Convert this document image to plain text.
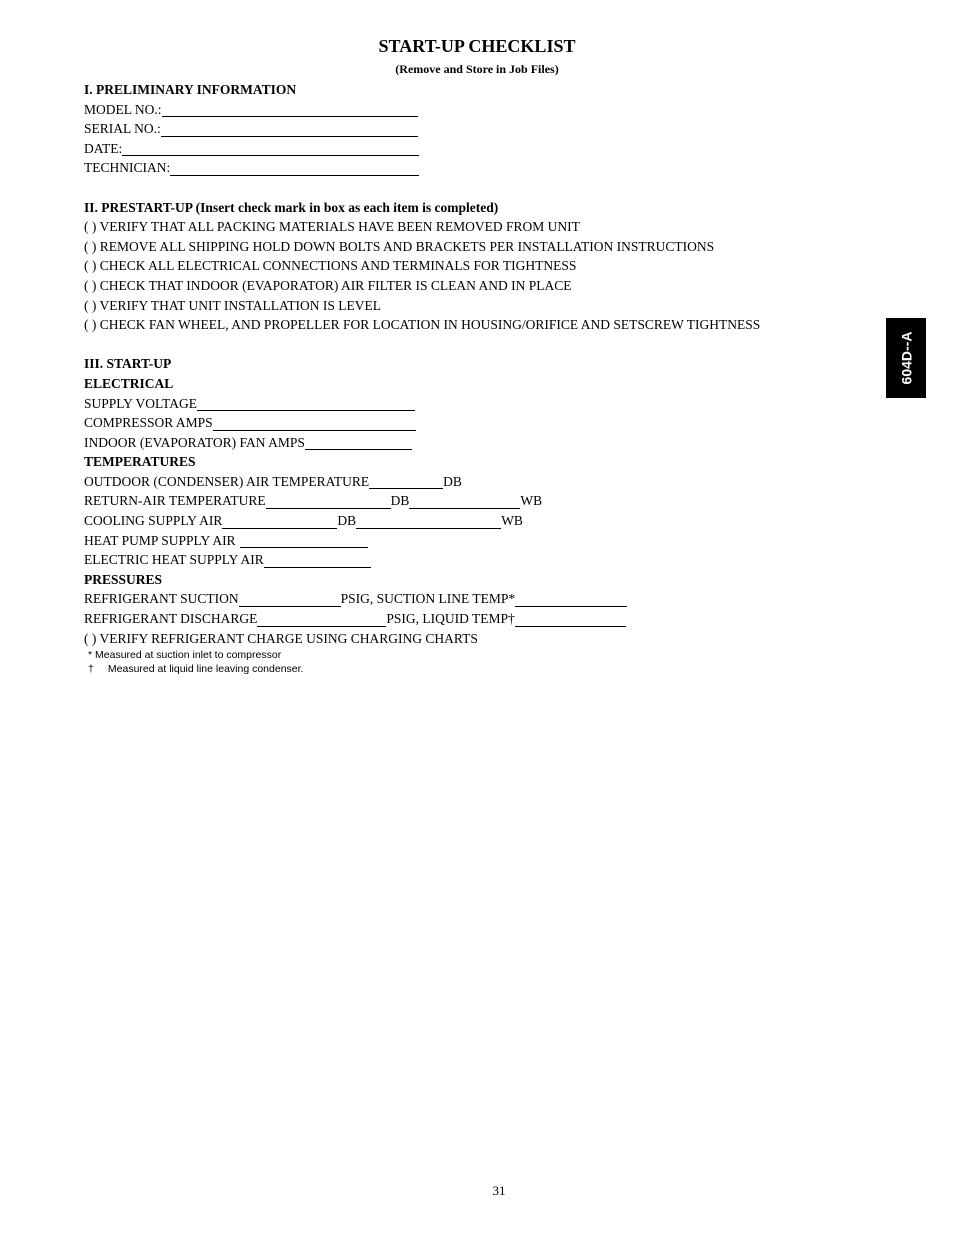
START-UP CHECKLIST
(Remove and Store in Job Files)
I. PRELIMINARY INFORMATION
MODEL NO.:
SERIAL NO.:
DATE:
TECHNICIAN:
II. PRESTART-UP (Insert check mark in box as each item is completed)
( ) VERIFY THAT ALL PACKING MATERIALS HAVE BEEN REMOVED FROM UNIT
( ) REMOVE ALL SHIPPING HOLD DOWN BOLTS AND BRACKETS PER INSTALLATION INSTRUCTIONS
( ) CHECK ALL ELECTRICAL CONNECTIONS AND TERMINALS FOR TIGHTNESS
( ) CHECK THAT INDOOR (EVAPORATOR) AIR FILTER IS CLEAN AND IN PLACE
( ) VERIFY THAT UNIT INSTALLATION IS LEVEL
( ) CHECK FAN WHEEL, AND PROPELLER FOR LOCATION IN HOUSING/ORIFICE AND SETSCREW TIGHTNESS
III. START-UP
ELECTRICAL
SUPPLY VOLTAGE
COMPRESSOR AMPS
INDOOR (EVAPORATOR) FAN AMPS
TEMPERATURES
OUTDOOR (CONDENSER) AIR TEMPERATURE	DB
RETURN-AIR TEMPERATURE	DB	WB
COOLING SUPPLY AIR	DB	WB
HEAT PUMP SUPPLY AIR
ELECTRIC HEAT SUPPLY AIR
PRESSURES
REFRIGERANT SUCTION	PSIG, SUCTION LINE TEMP*
REFRIGERANT DISCHARGE	PSIG, LIQUID TEMP†
( ) VERIFY REFRIGERANT CHARGE USING CHARGING CHARTS
* Measured at suction inlet to compressor
† Measured at liquid line leaving condenser.
604D--A
31
